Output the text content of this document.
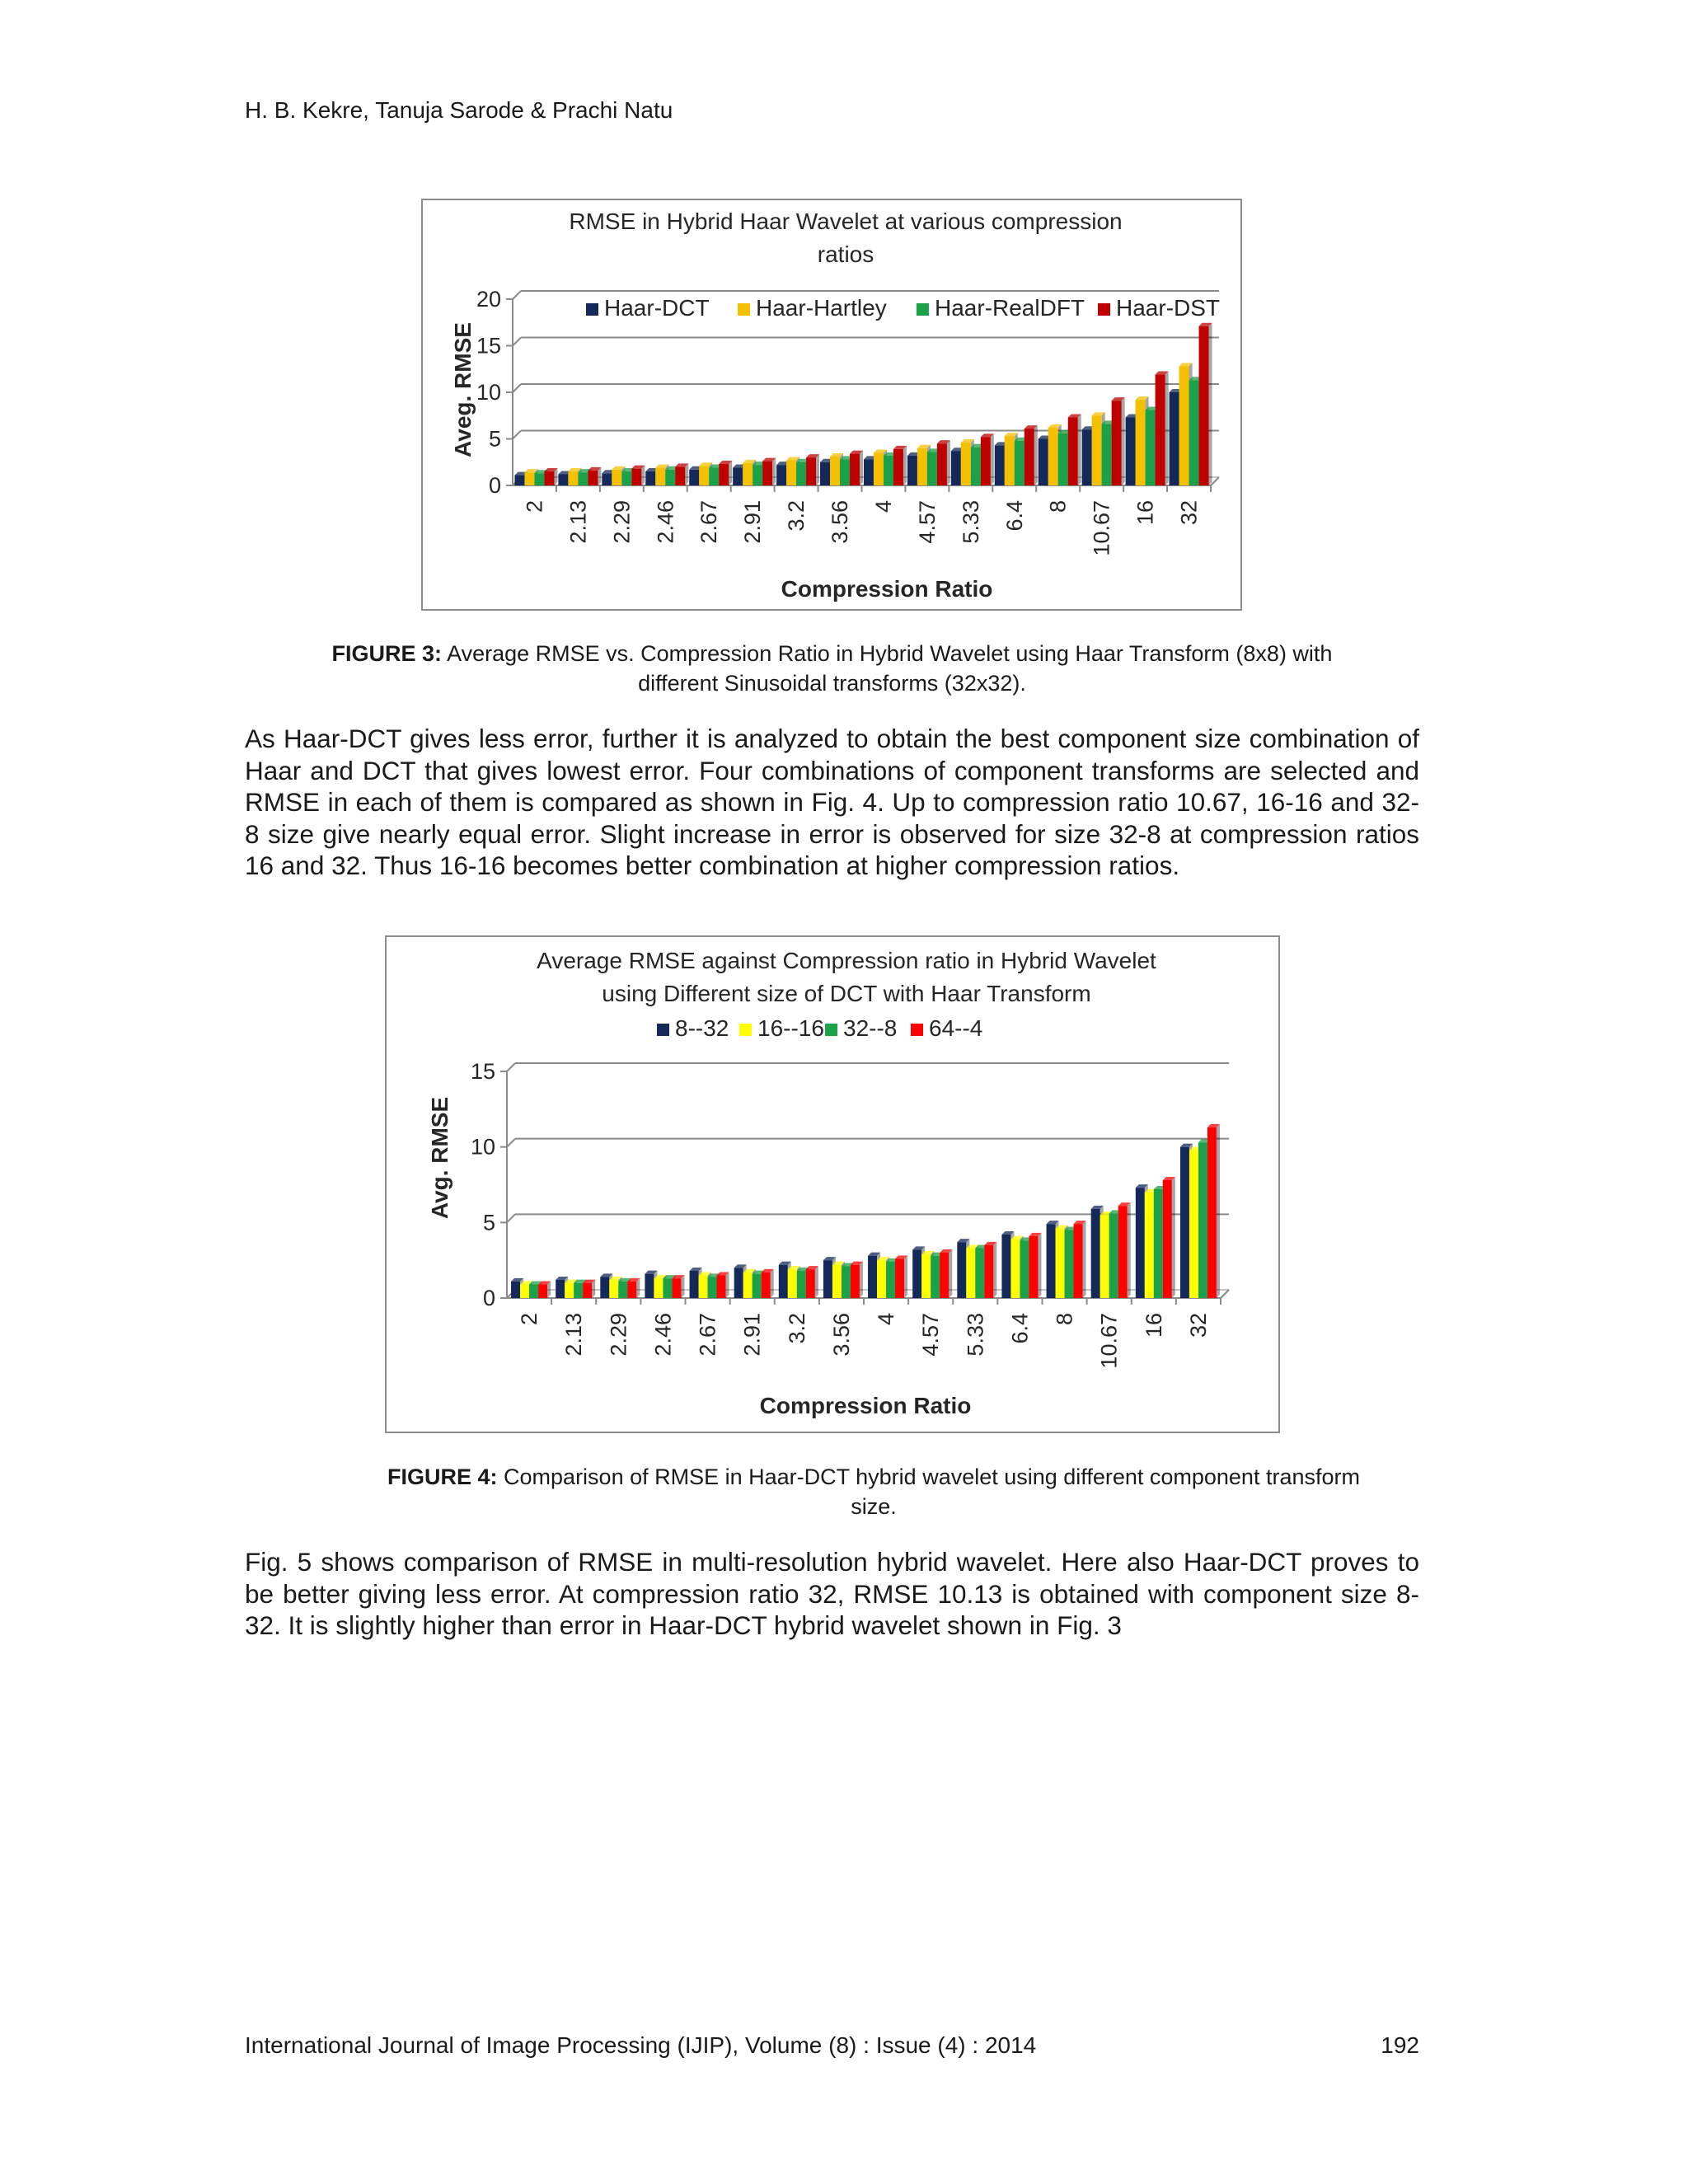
H. B. Kekre, Tanuja Sarode & Prachi Natu
RMSE in Hybrid Haar Wavelet at various compression
ratios
0
5
10
15
20
2 2.13 2.29 2.46 2.67 2.91 3.2 3.56 4 4.57 5.33 6.4 8 10.67 16 32
Haar-DCT Haar-Hartley Haar-RealDFT Haar-DST
Compression Ratio
Aveg. RMSE
FIGURE 3: Average RMSE vs. Compression Ratio in Hybrid Wavelet using Haar Transform (8x8) with
different Sinusoidal transforms (32x32).
As Haar-DCT gives less error, further it is analyzed to obtain the best component size combination of Haar and DCT that gives lowest error. Four combinations of component transforms are selected and RMSE in each of them is compared as shown in Fig. 4. Up to compression ratio 10.67, 16-16 and 32-8 size give nearly equal error. Slight increase in error is observed for size 32-8 at compression ratios 16 and 32. Thus 16-16 becomes better combination at higher compression ratios.
Average RMSE against Compression ratio in Hybrid Wavelet
using Different size of DCT with Haar Transform
0
5
10
15
2 2.13 2.29 2.46 2.67 2.91 3.2 3.56 4 4.57 5.33 6.4 8 10.67 16 32
8--32 16--16 32--8 64--4
Compression Ratio
Avg. RMSE
FIGURE 4: Comparison of RMSE in Haar-DCT hybrid wavelet using different component transform
size.
Fig. 5 shows comparison of RMSE in multi-resolution hybrid wavelet. Here also Haar-DCT proves to be better giving less error. At compression ratio 32, RMSE 10.13 is obtained with component size 8-32. It is slightly higher than error in Haar-DCT hybrid wavelet shown in Fig. 3
International Journal of Image Processing (IJIP), Volume (8) : Issue (4) : 2014	192
